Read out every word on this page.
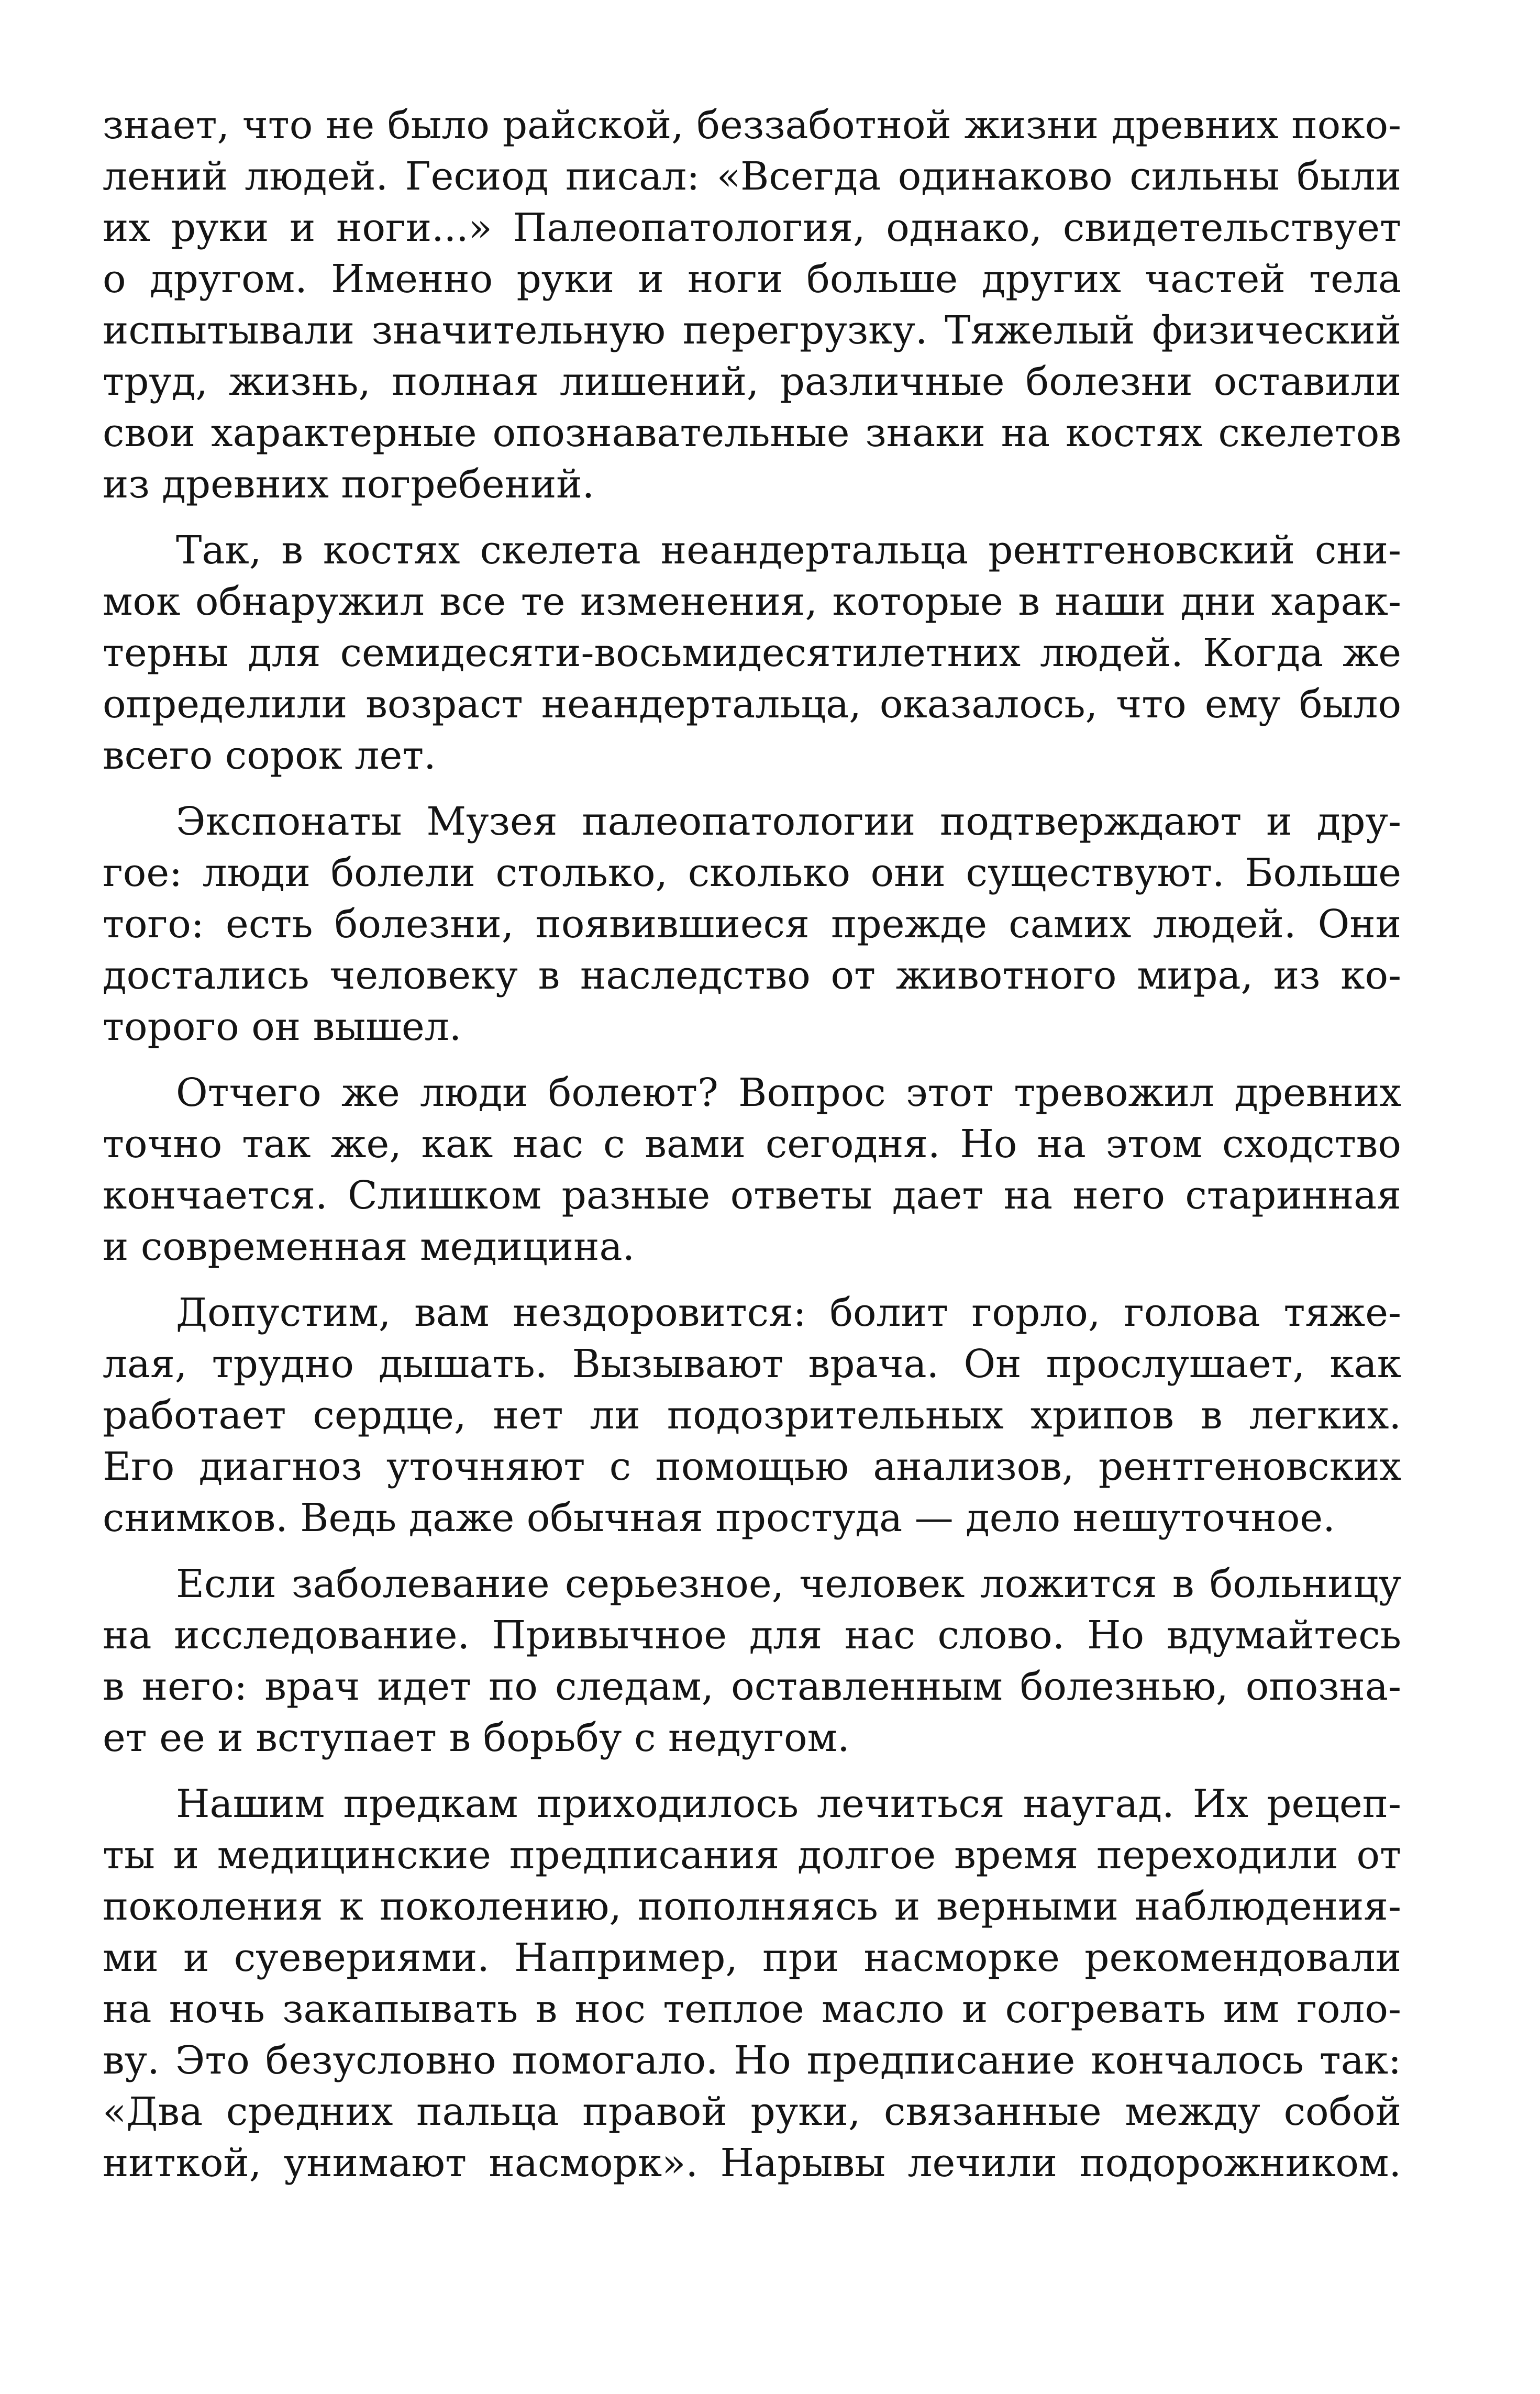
знает, что не было райской, беззаботной жизни древних поко-
лений людей. Гесиод писал: «Всегда одинаково сильны были
их руки и ноги...» Палеопатология, однако, свидетельствует
о другом. Именно руки и ноги больше других частей тела
испытывали значительную перегрузку. Тяжелый физический
труд, жизнь, полная лишений, различные болезни оставили
свои характерные опознавательные знаки на костях скелетов
из древних погребений.
Так, в костях скелета неандертальца рентгеновский сни-
мок обнаружил все те изменения, которые в наши дни харак-
терны для семидесяти-восьмидесятилетних людей. Когда же
определили возраст неандертальца, оказалось, что ему было
всего сорок лет.
Экспонаты Музея палеопатологии подтверждают и дру-
гое: люди болели столько, сколько они существуют. Больше
того: есть болезни, появившиеся прежде самих людей. Они
достались человеку в наследство от животного мира, из ко-
торого он вышел.
Отчего же люди болеют? Вопрос этот тревожил древних
точно так же, как нас с вами сегодня. Но на этом сходство
кончается. Слишком разные ответы дает на него старинная
и современная медицина.
Допустим, вам нездоровится: болит горло, голова тяже-
лая, трудно дышать. Вызывают врача. Он прослушает, как
работает сердце, нет ли подозрительных хрипов в легких.
Его диагноз уточняют с помощью анализов, рентгеновских
снимков. Ведь даже обычная простуда — дело нешуточное.
Если заболевание серьезное, человек ложится в больницу
на исследование. Привычное для нас слово. Но вдумайтесь
в него: врач идет по следам, оставленным болезнью, опозна-
ет ее и вступает в борьбу с недугом.
Нашим предкам приходилось лечиться наугад. Их рецеп-
ты и медицинские предписания долгое время переходили от
поколения к поколению, пополняясь и верными наблюдения-
ми и суевериями. Например, при насморке рекомендовали
на ночь закапывать в нос теплое масло и согревать им голо-
ву. Это безусловно помогало. Но предписание кончалось так:
«Два средних пальца правой руки, связанные между собой
ниткой, унимают насморк». Нарывы лечили подорожником.
